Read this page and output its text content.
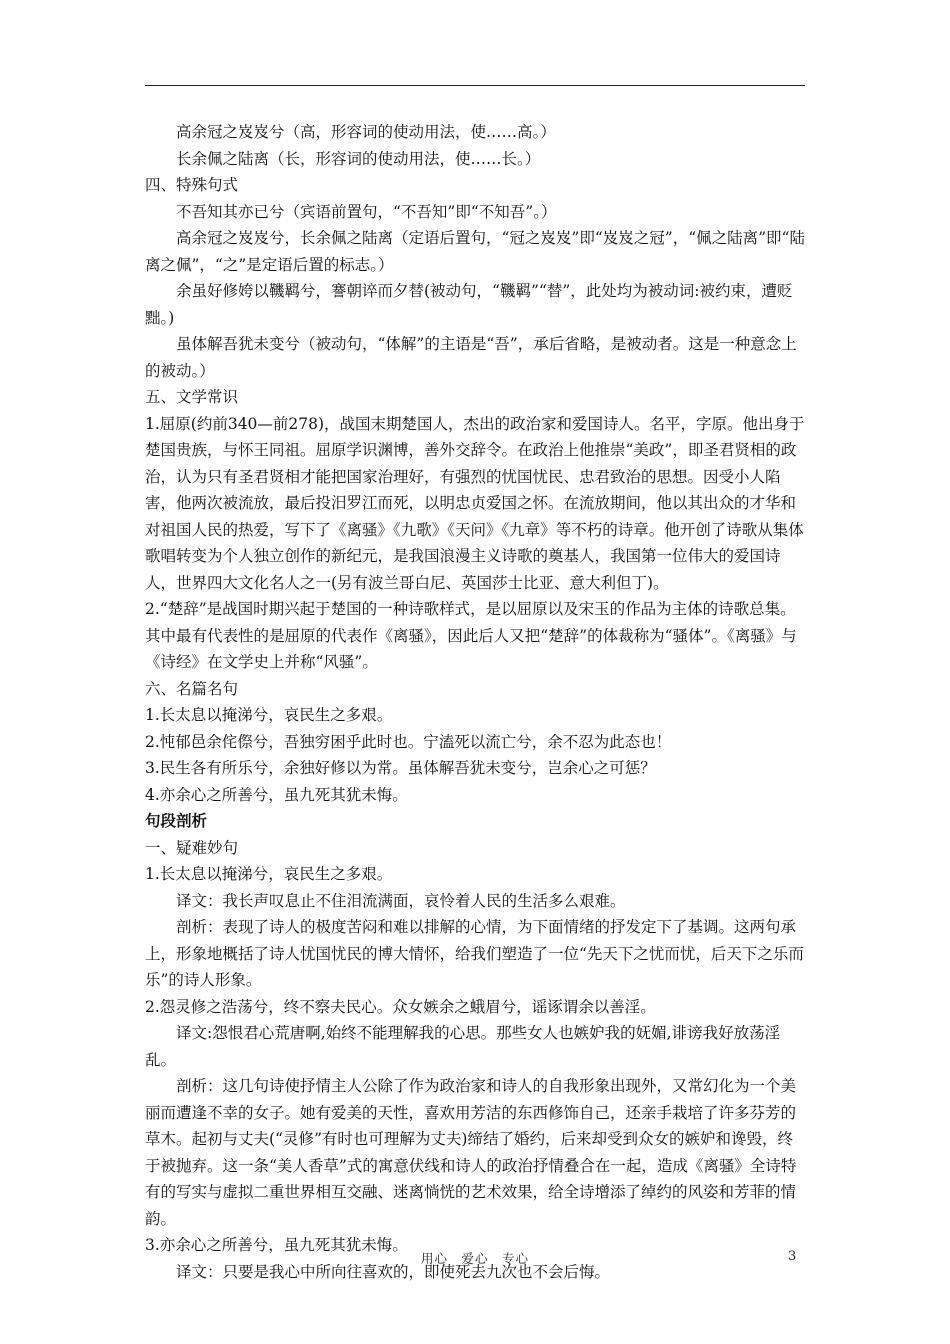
高余冠之岌岌兮（高，形容词的使动用法，使……高。）

长余佩之陆离（长，形容词的使动用法，使……长。）

四、特殊句式

不吾知其亦已兮（宾语前置句，“不吾知”即“不知吾”。）

高余冠之岌岌兮，长余佩之陆离（定语后置句，“冠之岌岌”即“岌岌之冠”，“佩之陆离”即“陆离之佩”，“之”是定语后置的标志。）

余虽好修姱以鞿羁兮，謇朝谇而夕替(被动句，“鞿羁”“替”，此处均为被动词:被约束，遭贬黜。)

虽体解吾犹未变兮（被动句，“体解”的主语是“吾”，承后省略，是被动者。这是一种意念上的被动。）

五、文学常识

1.屈原(约前340—前278)，战国末期楚国人，杰出的政治家和爱国诗人。名平，字原。他出身于楚国贵族，与怀王同祖。屈原学识渊博，善外交辞令。在政治上他推崇“美政”，即圣君贤相的政治，认为只有圣君贤相才能把国家治理好，有强烈的忧国忧民、忠君致治的思想。因受小人陷害，他两次被流放，最后投汨罗江而死，以明忠贞爱国之怀。在流放期间，他以其出众的才华和对祖国人民的热爱，写下了《离骚》《九歌》《天问》《九章》等不朽的诗章。他开创了诗歌从集体歌唱转变为个人独立创作的新纪元，是我国浪漫主义诗歌的奠基人，我国第一位伟大的爱国诗人，世界四大文化名人之一(另有波兰哥白尼、英国莎士比亚、意大利但丁)。

2.“楚辞”是战国时期兴起于楚国的一种诗歌样式，是以屈原以及宋玉的作品为主体的诗歌总集。其中最有代表性的是屈原的代表作《离骚》，因此后人又把“楚辞”的体裁称为“骚体”。《离骚》与《诗经》在文学史上并称“风骚”。

六、名篇名句

1.长太息以掩涕兮，哀民生之多艰。

2.忳郁邑余侘傺兮，吾独穷困乎此时也。宁溘死以流亡兮，余不忍为此态也！

3.民生各有所乐兮，余独好修以为常。虽体解吾犹未变兮，岂余心之可惩？

4.亦余心之所善兮，虽九死其犹未悔。

句段剖析

一、疑难妙句

1.长太息以掩涕兮，哀民生之多艰。

译文：我长声叹息止不住泪流满面，哀怜着人民的生活多么艰难。

剖析：表现了诗人的极度苦闷和难以排解的心情，为下面情绪的抒发定下了基调。这两句承上，形象地概括了诗人忧国忧民的博大情怀，给我们塑造了一位“先天下之忧而忧，后天下之乐而乐”的诗人形象。

2.怨灵修之浩荡兮，终不察夫民心。众女嫉余之蛾眉兮，谣诼谓余以善淫。

译文:怨恨君心荒唐啊,始终不能理解我的心思。那些女人也嫉妒我的妩媚,诽谤我好放荡淫乱。

剖析：这几句诗使抒情主人公除了作为政治家和诗人的自我形象出现外，又常幻化为一个美丽而遭逢不幸的女子。她有爱美的天性，喜欢用芳洁的东西修饰自己，还亲手栽培了许多芬芳的草木。起初与丈夫(“灵修”有时也可理解为丈夫)缔结了婚约，后来却受到众女的嫉妒和谗毁，终于被抛弃。这一条“美人香草”式的寓意伏线和诗人的政治抒情叠合在一起，造成《离骚》全诗特有的写实与虚拟二重世界相互交融、迷离惝恍的艺术效果，给全诗增添了绰约的风姿和芳菲的情韵。

3.亦余心之所善兮，虽九死其犹未悔。

译文：只要是我心中所向往喜欢的，即使死去九次也不会后悔。

用心　爱心　专心	3
